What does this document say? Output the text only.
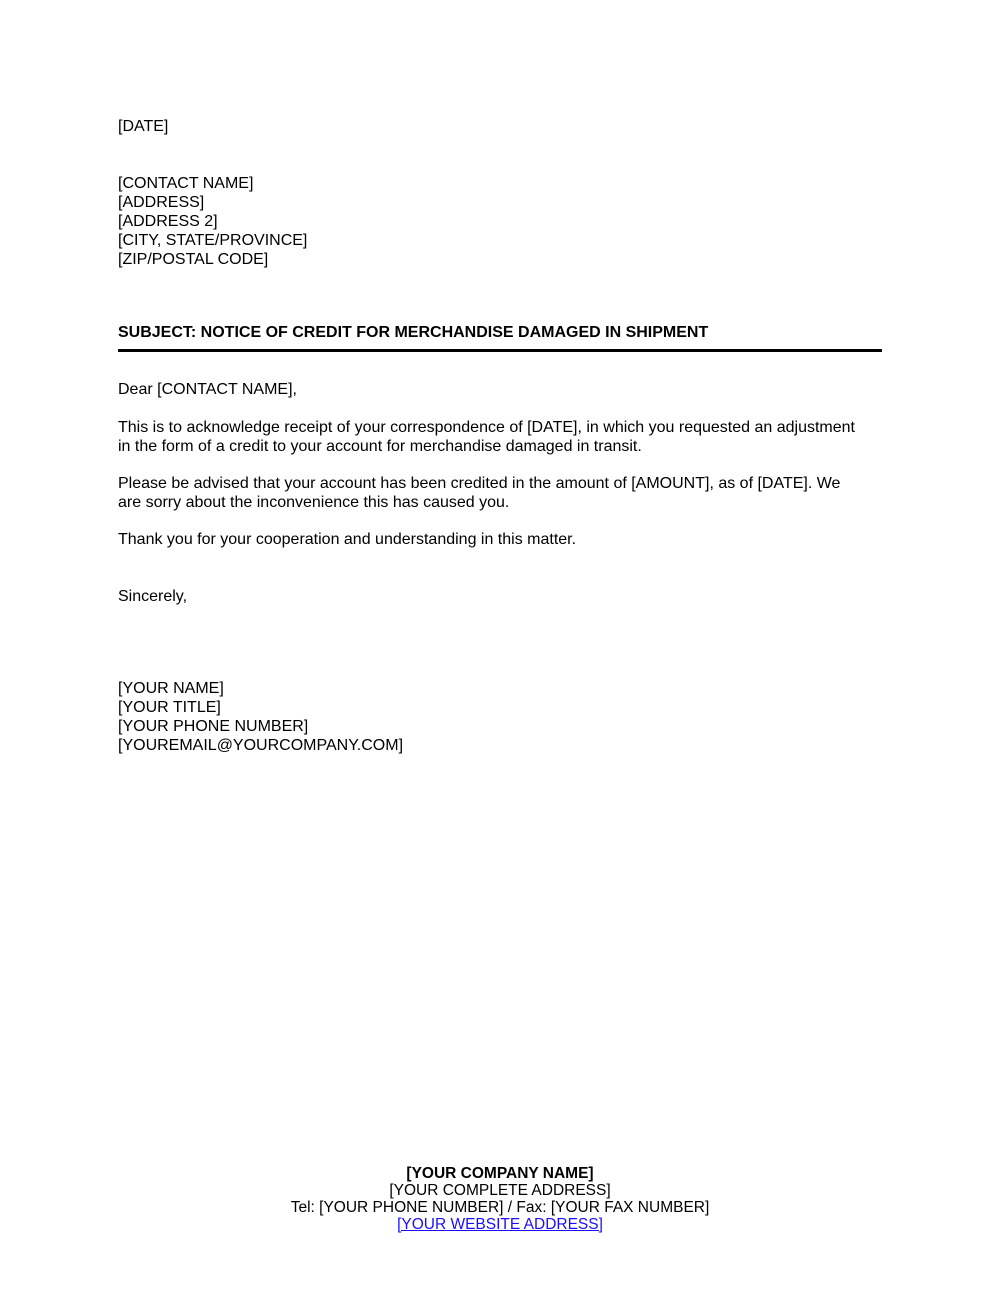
[DATE]
[CONTACT NAME]
[ADDRESS]
[ADDRESS 2]
[CITY, STATE/PROVINCE]
[ZIP/POSTAL CODE]
SUBJECT: NOTICE OF CREDIT FOR MERCHANDISE DAMAGED IN SHIPMENT
Dear [CONTACT NAME],
This is to acknowledge receipt of your correspondence of [DATE], in which you requested an adjustment
in the form of a credit to your account for merchandise damaged in transit.
Please be advised that your account has been credited in the amount of [AMOUNT], as of [DATE]. We
are sorry about the inconvenience this has caused you.
Thank you for your cooperation and understanding in this matter.
Sincerely,
[YOUR NAME]
[YOUR TITLE]
[YOUR PHONE NUMBER]
[YOUREMAIL@YOURCOMPANY.COM]
[YOUR COMPANY NAME]
[YOUR COMPLETE ADDRESS]
Tel: [YOUR PHONE NUMBER] / Fax: [YOUR FAX NUMBER]
[YOUR WEBSITE ADDRESS]
